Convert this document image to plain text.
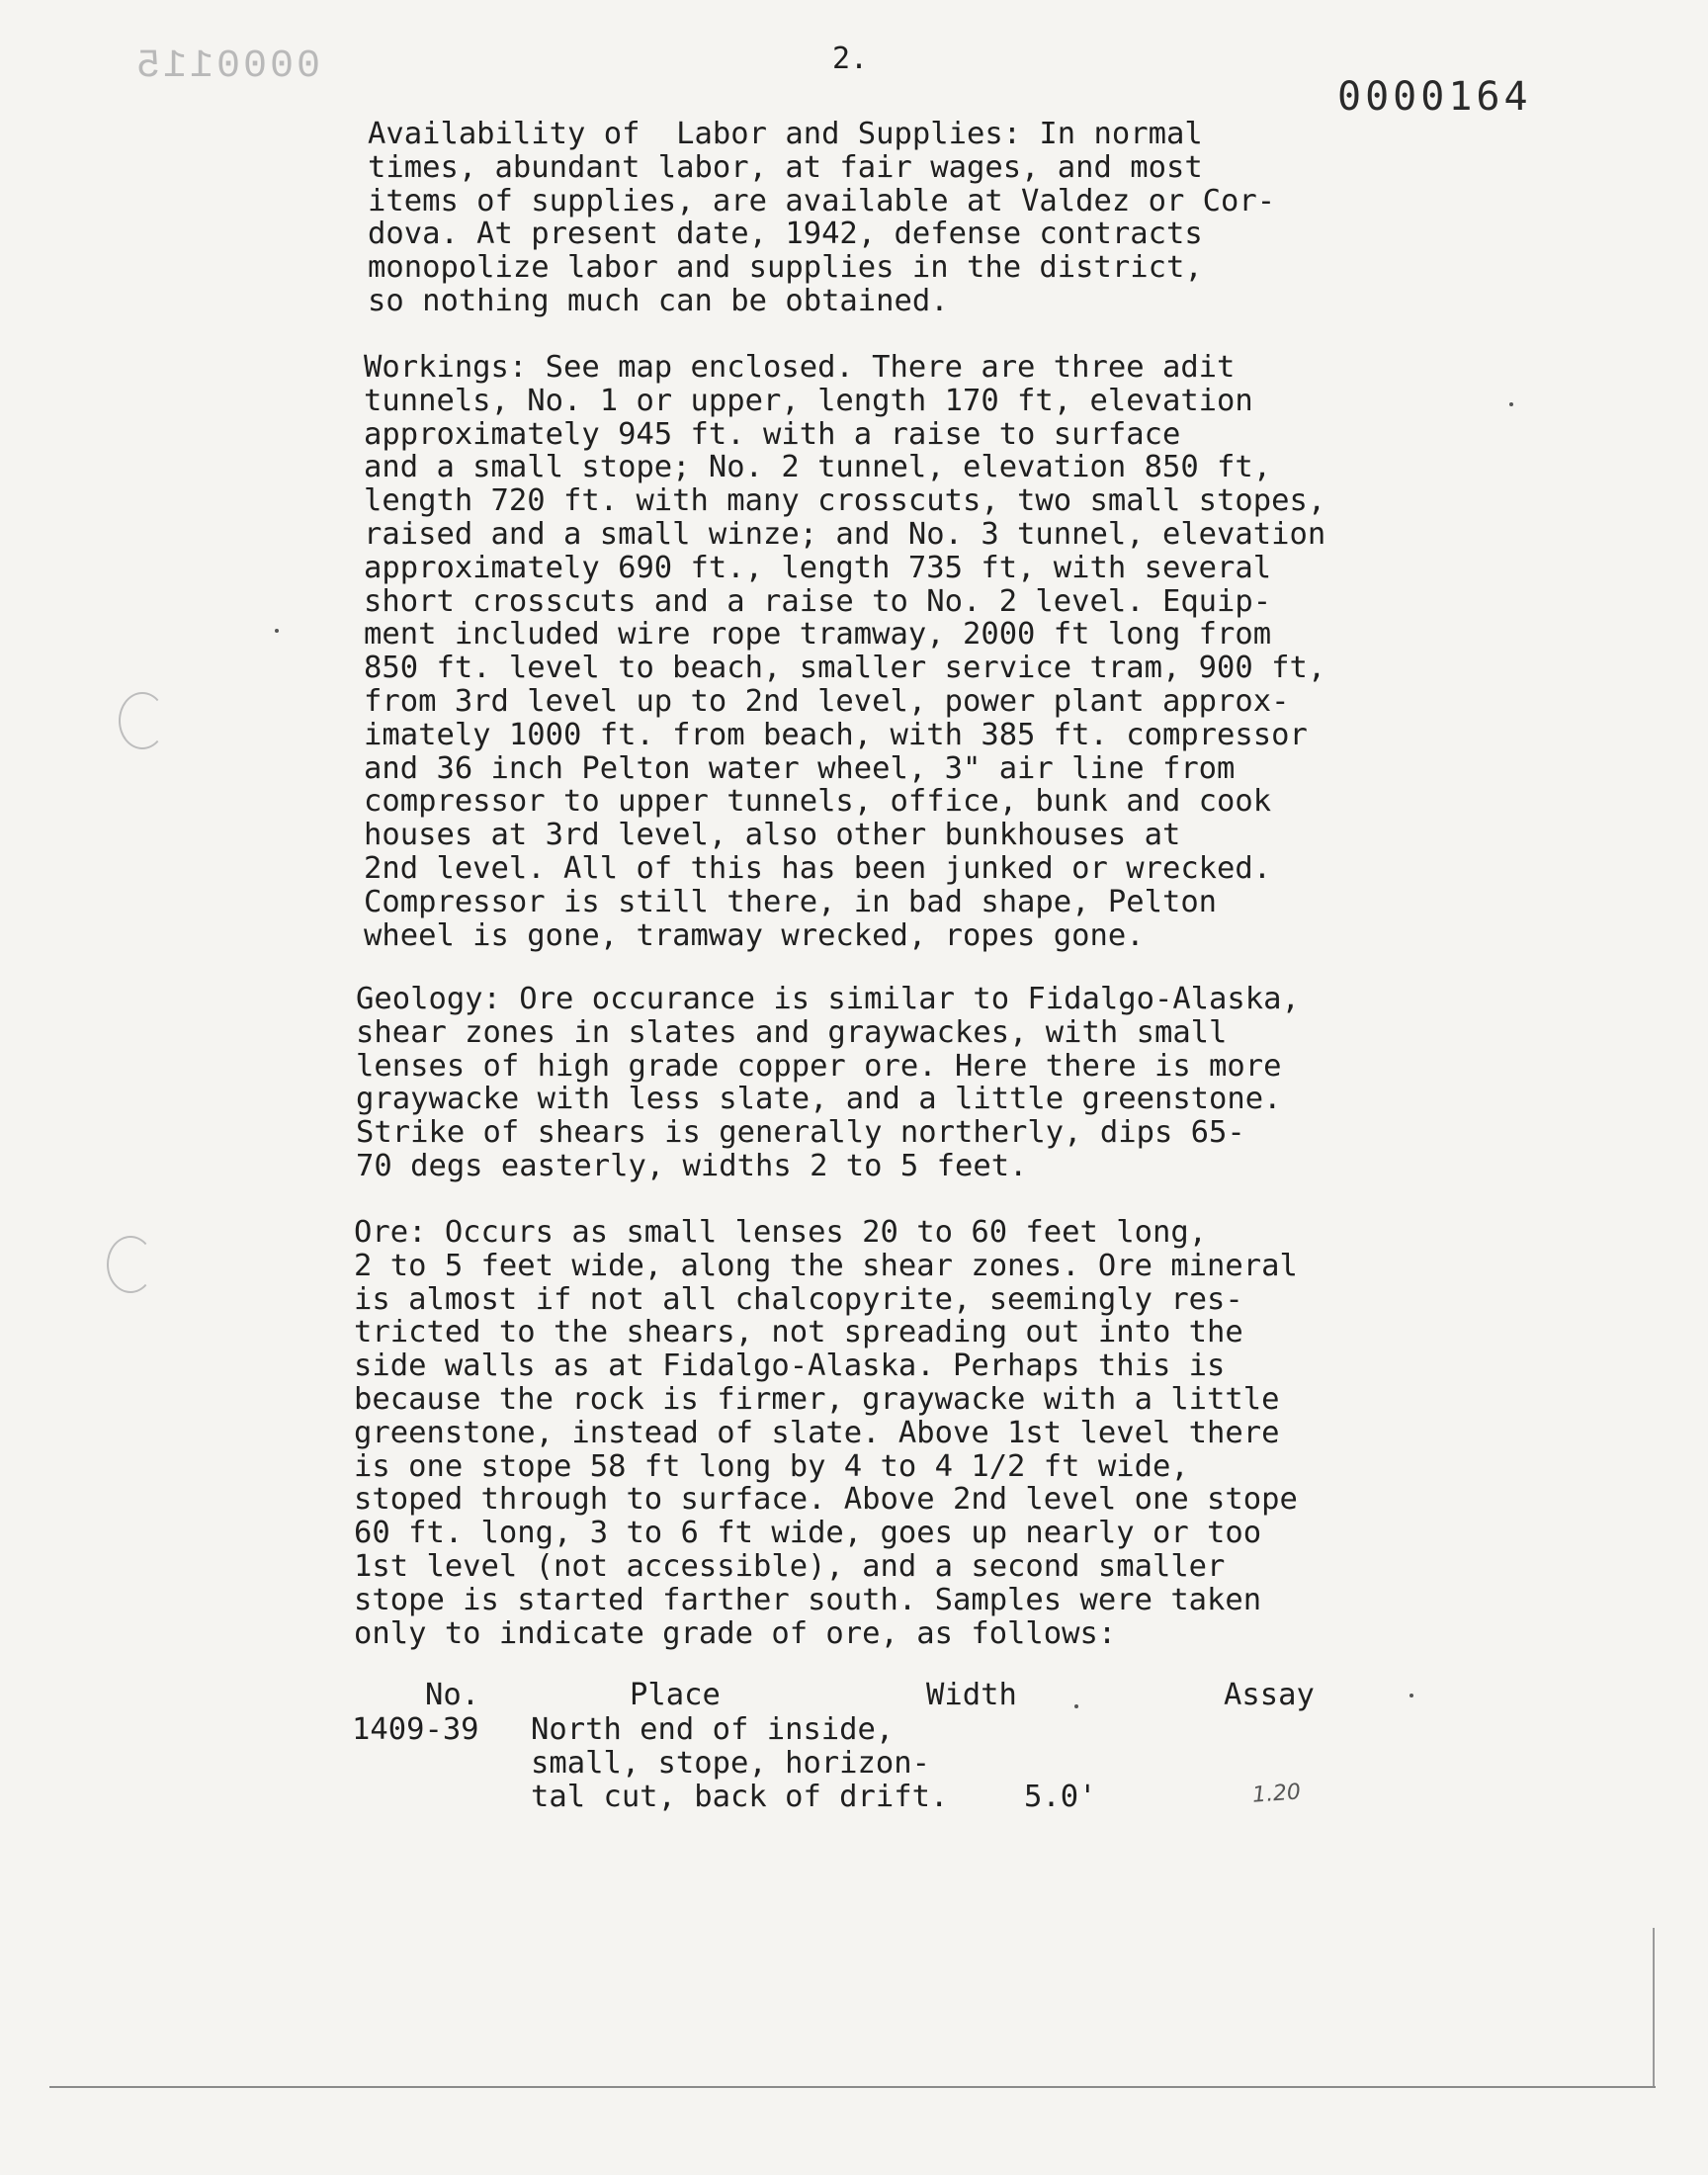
0000115	2.
0000164

Availability of  Labor and Supplies: In normal
times, abundant labor, at fair wages, and most
items of supplies, are available at Valdez or Cor-
dova. At present date, 1942, defense contracts
monopolize labor and supplies in the district,
so nothing much can be obtained.

Workings: See map enclosed. There are three adit
tunnels, No. 1 or upper, length 170 ft, elevation
approximately 945 ft. with a raise to surface
and a small stope; No. 2 tunnel, elevation 850 ft,
length 720 ft. with many crosscuts, two small stopes,
raised and a small winze; and No. 3 tunnel, elevation
approximately 690 ft., length 735 ft, with several
short crosscuts and a raise to No. 2 level. Equip-
ment included wire rope tramway, 2000 ft long from
850 ft. level to beach, smaller service tram, 900 ft,
from 3rd level up to 2nd level, power plant approx-
imately 1000 ft. from beach, with 385 ft. compressor
and 36 inch Pelton water wheel, 3" air line from
compressor to upper tunnels, office, bunk and cook
houses at 3rd level, also other bunkhouses at
2nd level. All of this has been junked or wrecked.
Compressor is still there, in bad shape, Pelton
wheel is gone, tramway wrecked, ropes gone.

Geology: Ore occurance is similar to Fidalgo-Alaska,
shear zones in slates and graywackes, with small
lenses of high grade copper ore. Here there is more
graywacke with less slate, and a little greenstone.
Strike of shears is generally northerly, dips 65-
70 degs easterly, widths 2 to 5 feet.

Ore: Occurs as small lenses 20 to 60 feet long,
2 to 5 feet wide, along the shear zones. Ore mineral
is almost if not all chalcopyrite, seemingly res-
tricted to the shears, not spreading out into the
side walls as at Fidalgo-Alaska. Perhaps this is
because the rock is firmer, graywacke with a little
greenstone, instead of slate. Above 1st level there
is one stope 58 ft long by 4 to 4 1/2 ft wide,
stoped through to surface. Above 2nd level one stope
60 ft. long, 3 to 6 ft wide, goes up nearly or too
1st level (not accessible), and a second smaller
stope is started farther south. Samples were taken
only to indicate grade of ore, as follows:

No.	Place	Width	Assay
1409-39 North end of inside,
small, stope, horizon-
tal cut, back of drift.	5.0'	1.20
